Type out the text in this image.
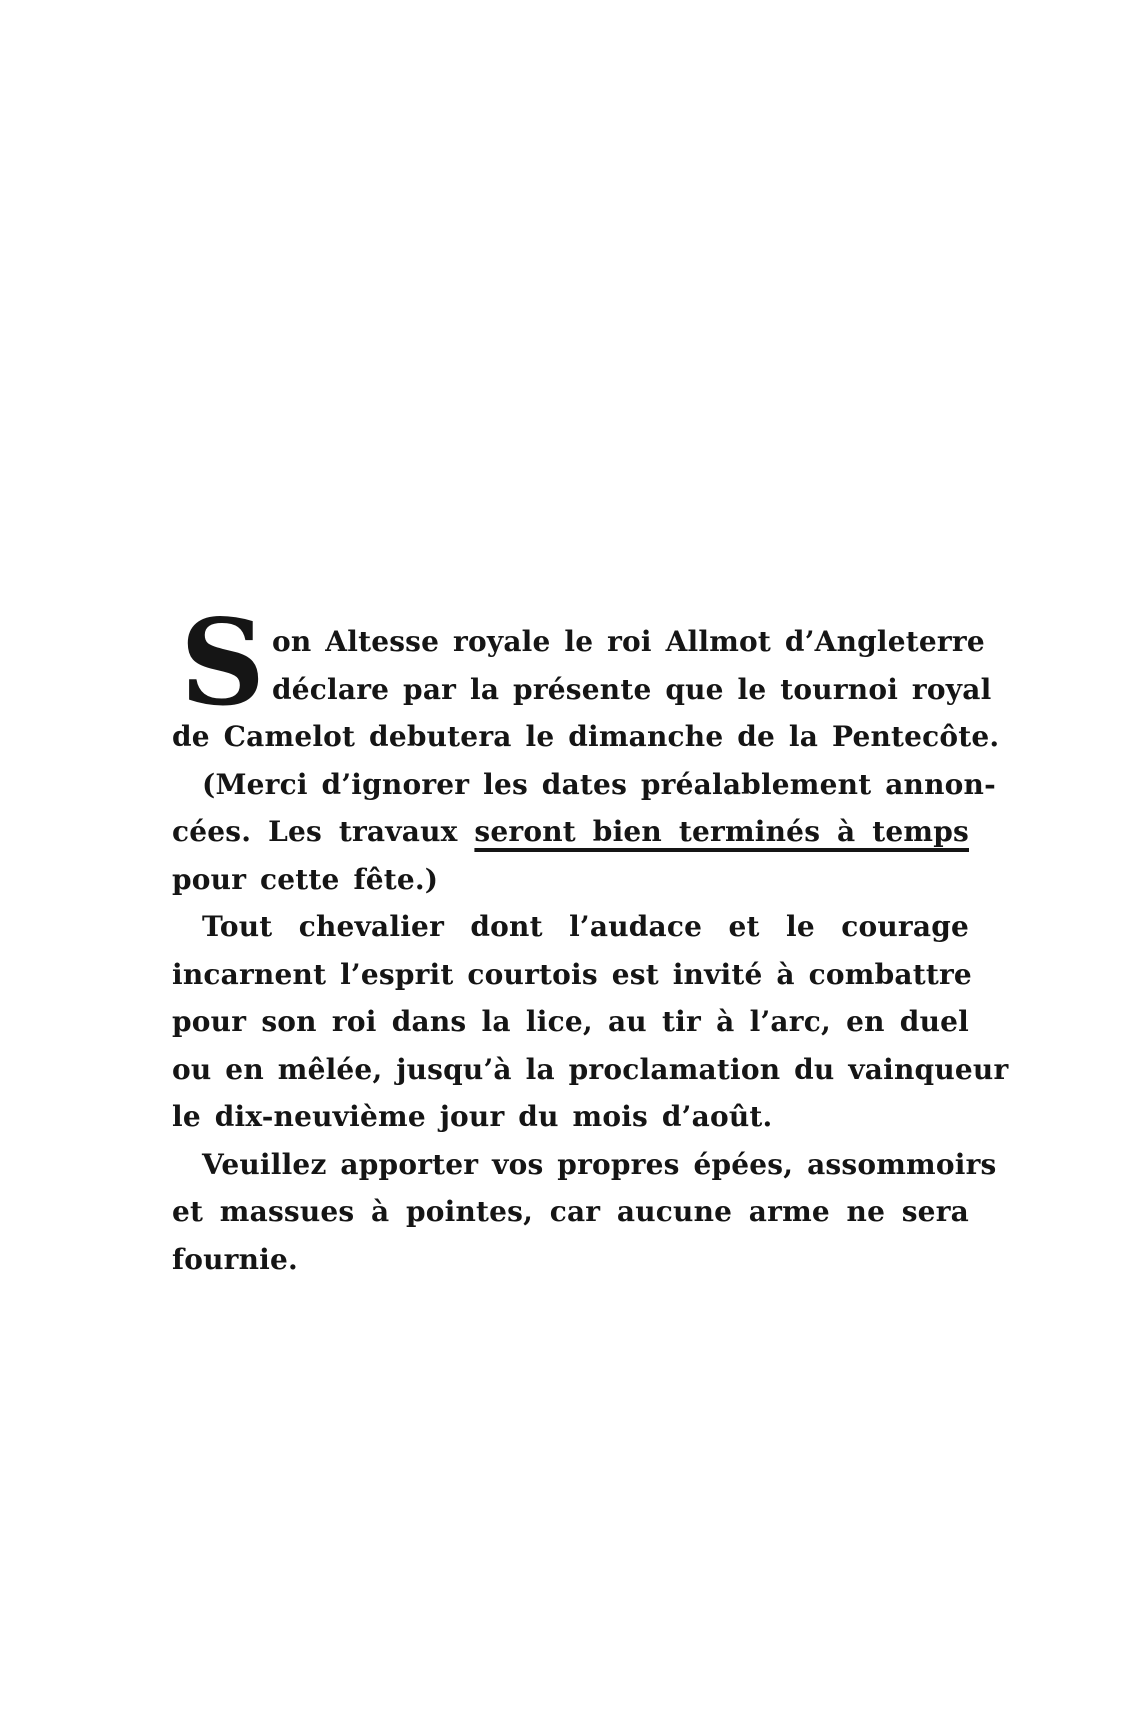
S on Altesse royale le roi Allmot d’Angleterre
déclare par la présente que le tournoi royal
de Camelot debutera le dimanche de la Pentecôte.
(Merci d’ignorer les dates préalablement annon-
cées. Les travaux seront bien terminés à temps
pour cette fête.)
Tout chevalier dont l’audace et le courage
incarnent l’esprit courtois est invité à combattre
pour son roi dans la lice, au tir à l’arc, en duel
ou en mêlée, jusqu’à la proclamation du vainqueur
le dix-neuvième jour du mois d’août.
Veuillez apporter vos propres épées, assommoirs
et massues à pointes, car aucune arme ne sera
fournie.
